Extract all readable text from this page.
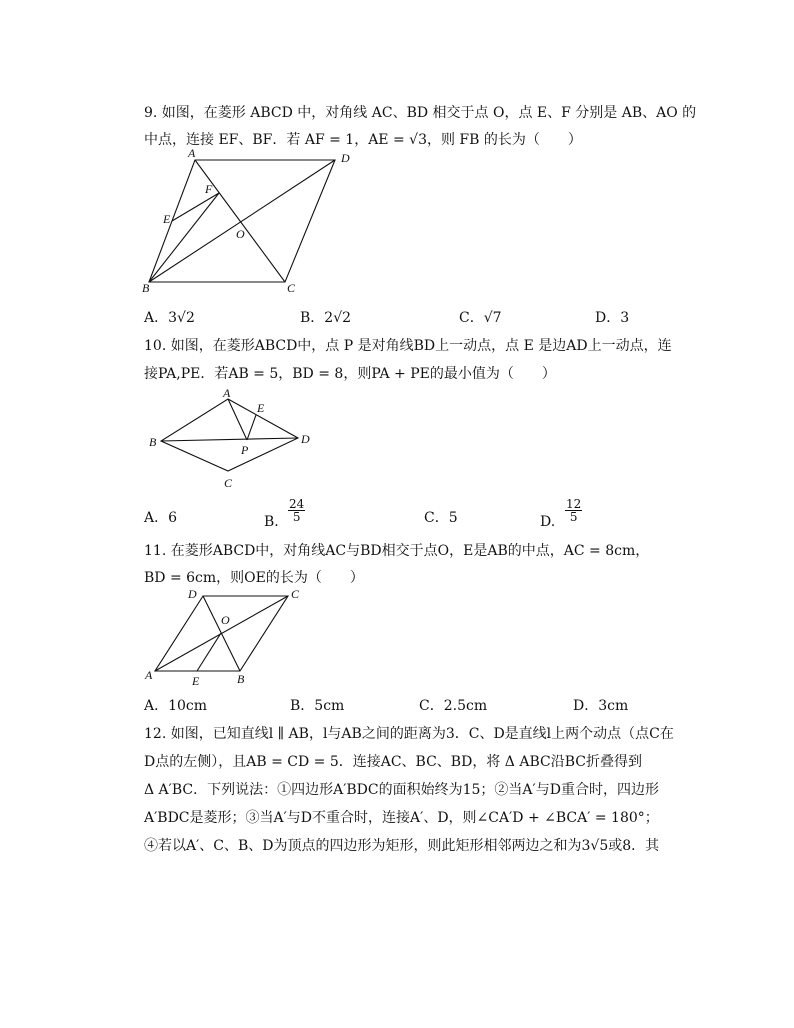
9. 如图，在菱形 ABCD 中，对角线 AC、BD 相交于点 O，点 E、F 分别是 AB、AO 的
中点，连接 EF、BF．若 AF = 1，AE = √3，则 FB 的长为（　　）
A	D
F
E
O
B	C
A．3√2	B．2√2	C．√7	D．3
10. 如图，在菱形ABCD中，点 P 是对角线BD上一动点，点 E 是边AD上一动点，连
接PA,PE．若AB = 5，BD = 8，则PA + PE的最小值为（　　）
A
E
B	D
P
C
A．6	B. $\frac{24}{5}$	C．5	D. $\frac{12}{5}$
11. 在菱形ABCD中，对角线AC与BD相交于点O，E是AB的中点，AC = 8cm，
BD = 6cm，则OE的长为（　　）
D	C
O
A	E	B
A．10cm	B．5cm	C．2.5cm	D．3cm
12. 如图，已知直线l ∥ AB，l与AB之间的距离为3．C、D是直线l上两个动点（点C在
D点的左侧），且AB = CD = 5．连接AC、BC、BD，将 Δ ABC沿BC折叠得到
Δ A′BC．下列说法：①四边形A′BDC的面积始终为15；②当A′与D重合时，四边形
A′BDC是菱形；③当A′与D不重合时，连接A′、D，则∠CA′D + ∠BCA′ = 180°；
④若以A′、C、B、D为顶点的四边形为矩形，则此矩形相邻两边之和为3√5或8．其
